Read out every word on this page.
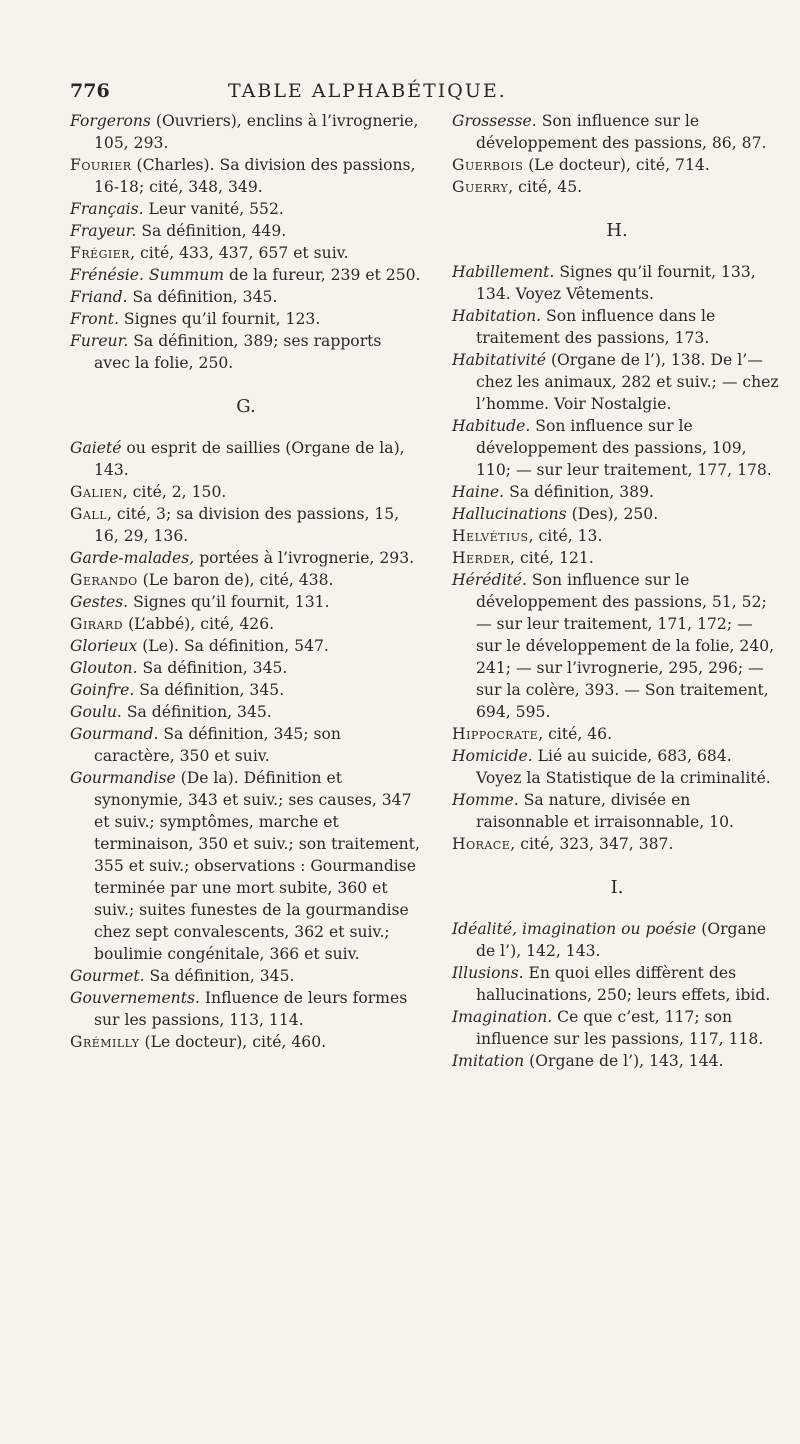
776	TABLE ALPHABÉTIQUE.

Forgerons (Ouvriers), enclins à l’ivrognerie, 105, 293.

Fourier (Charles). Sa division des passions, 16-18; cité, 348, 349.

Français. Leur vanité, 552.

Frayeur. Sa définition, 449.

Frégier, cité, 433, 437, 657 et suiv.

Frénésie. Summum de la fureur, 239 et 250.

Friand. Sa définition, 345.

Front. Signes qu’il fournit, 123.

Fureur. Sa définition, 389; ses rapports avec la folie, 250.

G.

Gaieté ou esprit de saillies (Organe de la), 143.

Galien, cité, 2, 150.

Gall, cité, 3; sa division des passions, 15, 16, 29, 136.

Garde-malades, portées à l’ivrognerie, 293.

Gerando (Le baron de), cité, 438.

Gestes. Signes qu’il fournit, 131.

Girard (L’abbé), cité, 426.

Glorieux (Le). Sa définition, 547.

Glouton. Sa définition, 345.

Goinfre. Sa définition, 345.

Goulu. Sa définition, 345.

Gourmand. Sa définition, 345; son caractère, 350 et suiv.

Gourmandise (De la). Définition et synonymie, 343 et suiv.; ses causes, 347 et suiv.; symptômes, marche et terminaison, 350 et suiv.; son traitement, 355 et suiv.; observations : Gourmandise terminée par une mort subite, 360 et suiv.; suites funestes de la gourmandise chez sept convalescents, 362 et suiv.; boulimie congénitale, 366 et suiv.

Gourmet. Sa définition, 345.

Gouvernements. Influence de leurs formes sur les passions, 113, 114.

Grémilly (Le docteur), cité, 460.

Grossesse. Son influence sur le développement des passions, 86, 87.

Guerbois (Le docteur), cité, 714.

Guerry, cité, 45.

H.

Habillement. Signes qu’il fournit, 133, 134. Voyez Vêtements.

Habitation. Son influence dans le traitement des passions, 173.

Habitativité (Organe de l’), 138. De l’— chez les animaux, 282 et suiv.; — chez l’homme. Voir Nostalgie.

Habitude. Son influence sur le développement des passions, 109, 110; — sur leur traitement, 177, 178.

Haine. Sa définition, 389.

Hallucinations (Des), 250.

Helvétius, cité, 13.

Herder, cité, 121.

Hérédité. Son influence sur le développement des passions, 51, 52; — sur leur traitement, 171, 172; — sur le développement de la folie, 240, 241; — sur l’ivrognerie, 295, 296; — sur la colère, 393. — Son traitement, 694, 595.

Hippocrate, cité, 46.

Homicide. Lié au suicide, 683, 684. Voyez la Statistique de la criminalité.

Homme. Sa nature, divisée en raisonnable et irraisonnable, 10.

Horace, cité, 323, 347, 387.

I.

Idéalité, imagination ou poésie (Organe de l’), 142, 143.

Illusions. En quoi elles diffèrent des hallucinations, 250; leurs effets, ibid.

Imagination. Ce que c’est, 117; son influence sur les passions, 117, 118.

Imitation (Organe de l’), 143, 144.
